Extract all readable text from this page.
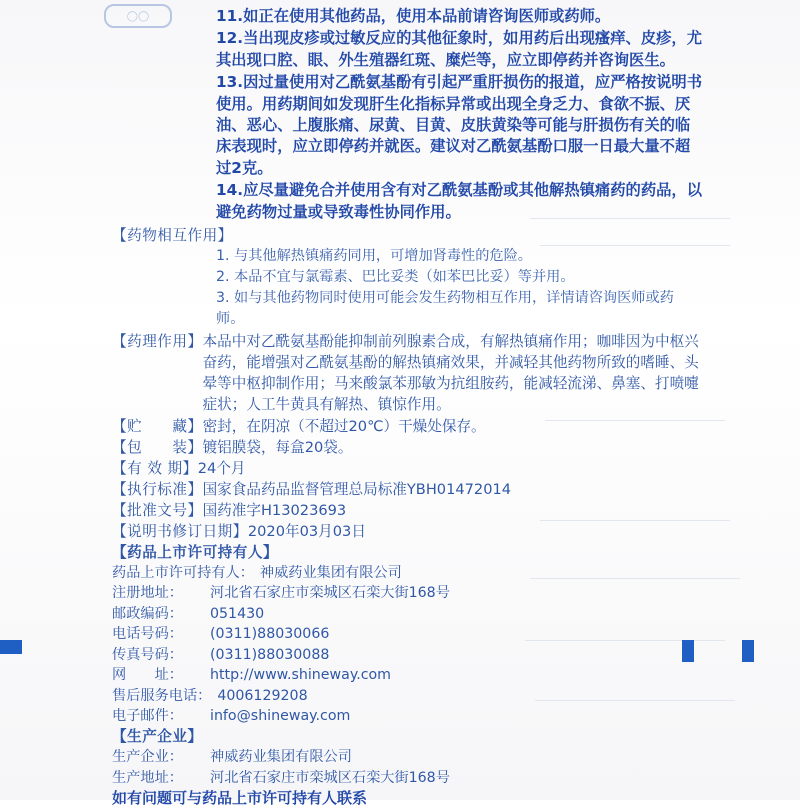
◯◯	11.如正在使用其他药品，使用本品前请咨询医师或药师。

12.当出现皮疹或过敏反应的其他征象时，如用药后出现瘙痒、皮疹，尤其出现口腔、眼、外生殖器红斑、糜烂等，应立即停药并咨询医生。

13.因过量使用对乙酰氨基酚有引起严重肝损伤的报道，应严格按说明书使用。用药期间如发现肝生化指标异常或出现全身乏力、食欲不振、厌油、恶心、上腹胀痛、尿黄、目黄、皮肤黄染等可能与肝损伤有关的临床表现时，应立即停药并就医。建议对乙酰氨基酚口服一日最大量不超过2克。

14.应尽量避免合并使用含有对乙酰氨基酚或其他解热镇痛药的药品，以避免药物过量或导致毒性协同作用。

【药物相互作用】

1. 与其他解热镇痛药同用，可增加肾毒性的危险。

2. 本品不宜与氯霉素、巴比妥类（如苯巴比妥）等并用。

3. 如与其他药物同时使用可能会发生药物相互作用，详情请咨询医师或药师。

【药理作用】 本品中对乙酰氨基酚能抑制前列腺素合成，有解热镇痛作用；咖啡因为中枢兴奋药，能增强对乙酰氨基酚的解热镇痛效果，并减轻其他药物所致的嗜睡、头晕等中枢抑制作用；马来酸氯苯那敏为抗组胺药，能减轻流涕、鼻塞、打喷嚏症状；人工牛黄具有解热、镇惊作用。
【贮　　藏】 密封，在阴凉（不超过20℃）干燥处保存。
【包　　装】 镀铝膜袋，每盒20袋。
【有 效 期】 24个月
【执行标准】 国家食品药品监督管理总局标准YBH01472014
【批准文号】 国药准字H13023693
【说明书修订日期】 2020年03月03日

【药品上市许可持有人】

药品上市许可持有人： 神威药业集团有限公司
注册地址：	河北省石家庄市栾城区石栾大街168号
邮政编码：	051430
电话号码：	(0311)88030066
传真号码：	(0311)88030088
网　　址：	http://www.shineway.com
售后服务电话： 4006129208
电子邮件：	info@shineway.com

【生产企业】

生产企业：	神威药业集团有限公司
生产地址：	河北省石家庄市栾城区石栾大街168号
如有问题可与药品上市许可持有人联系
